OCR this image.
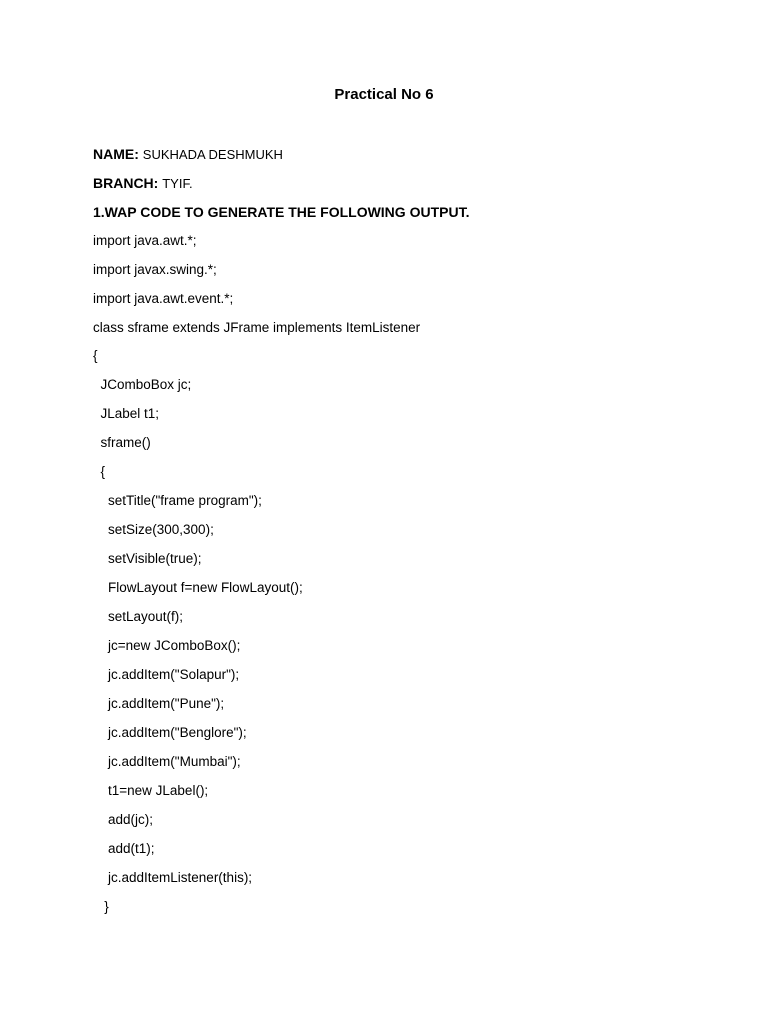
Practical No 6
NAME: SUKHADA DESHMUKH
BRANCH: TYIF.
1.WAP CODE TO GENERATE THE FOLLOWING OUTPUT.
import java.awt.*;
import javax.swing.*;
import java.awt.event.*;
class sframe extends JFrame implements ItemListener
{
JComboBox jc;
JLabel t1;
sframe()
{
setTitle("frame program");
setSize(300,300);
setVisible(true);
FlowLayout f=new FlowLayout();
setLayout(f);
jc=new JComboBox();
jc.addItem("Solapur");
jc.addItem("Pune");
jc.addItem("Benglore");
jc.addItem("Mumbai");
t1=new JLabel();
add(jc);
add(t1);
jc.addItemListener(this);
}
